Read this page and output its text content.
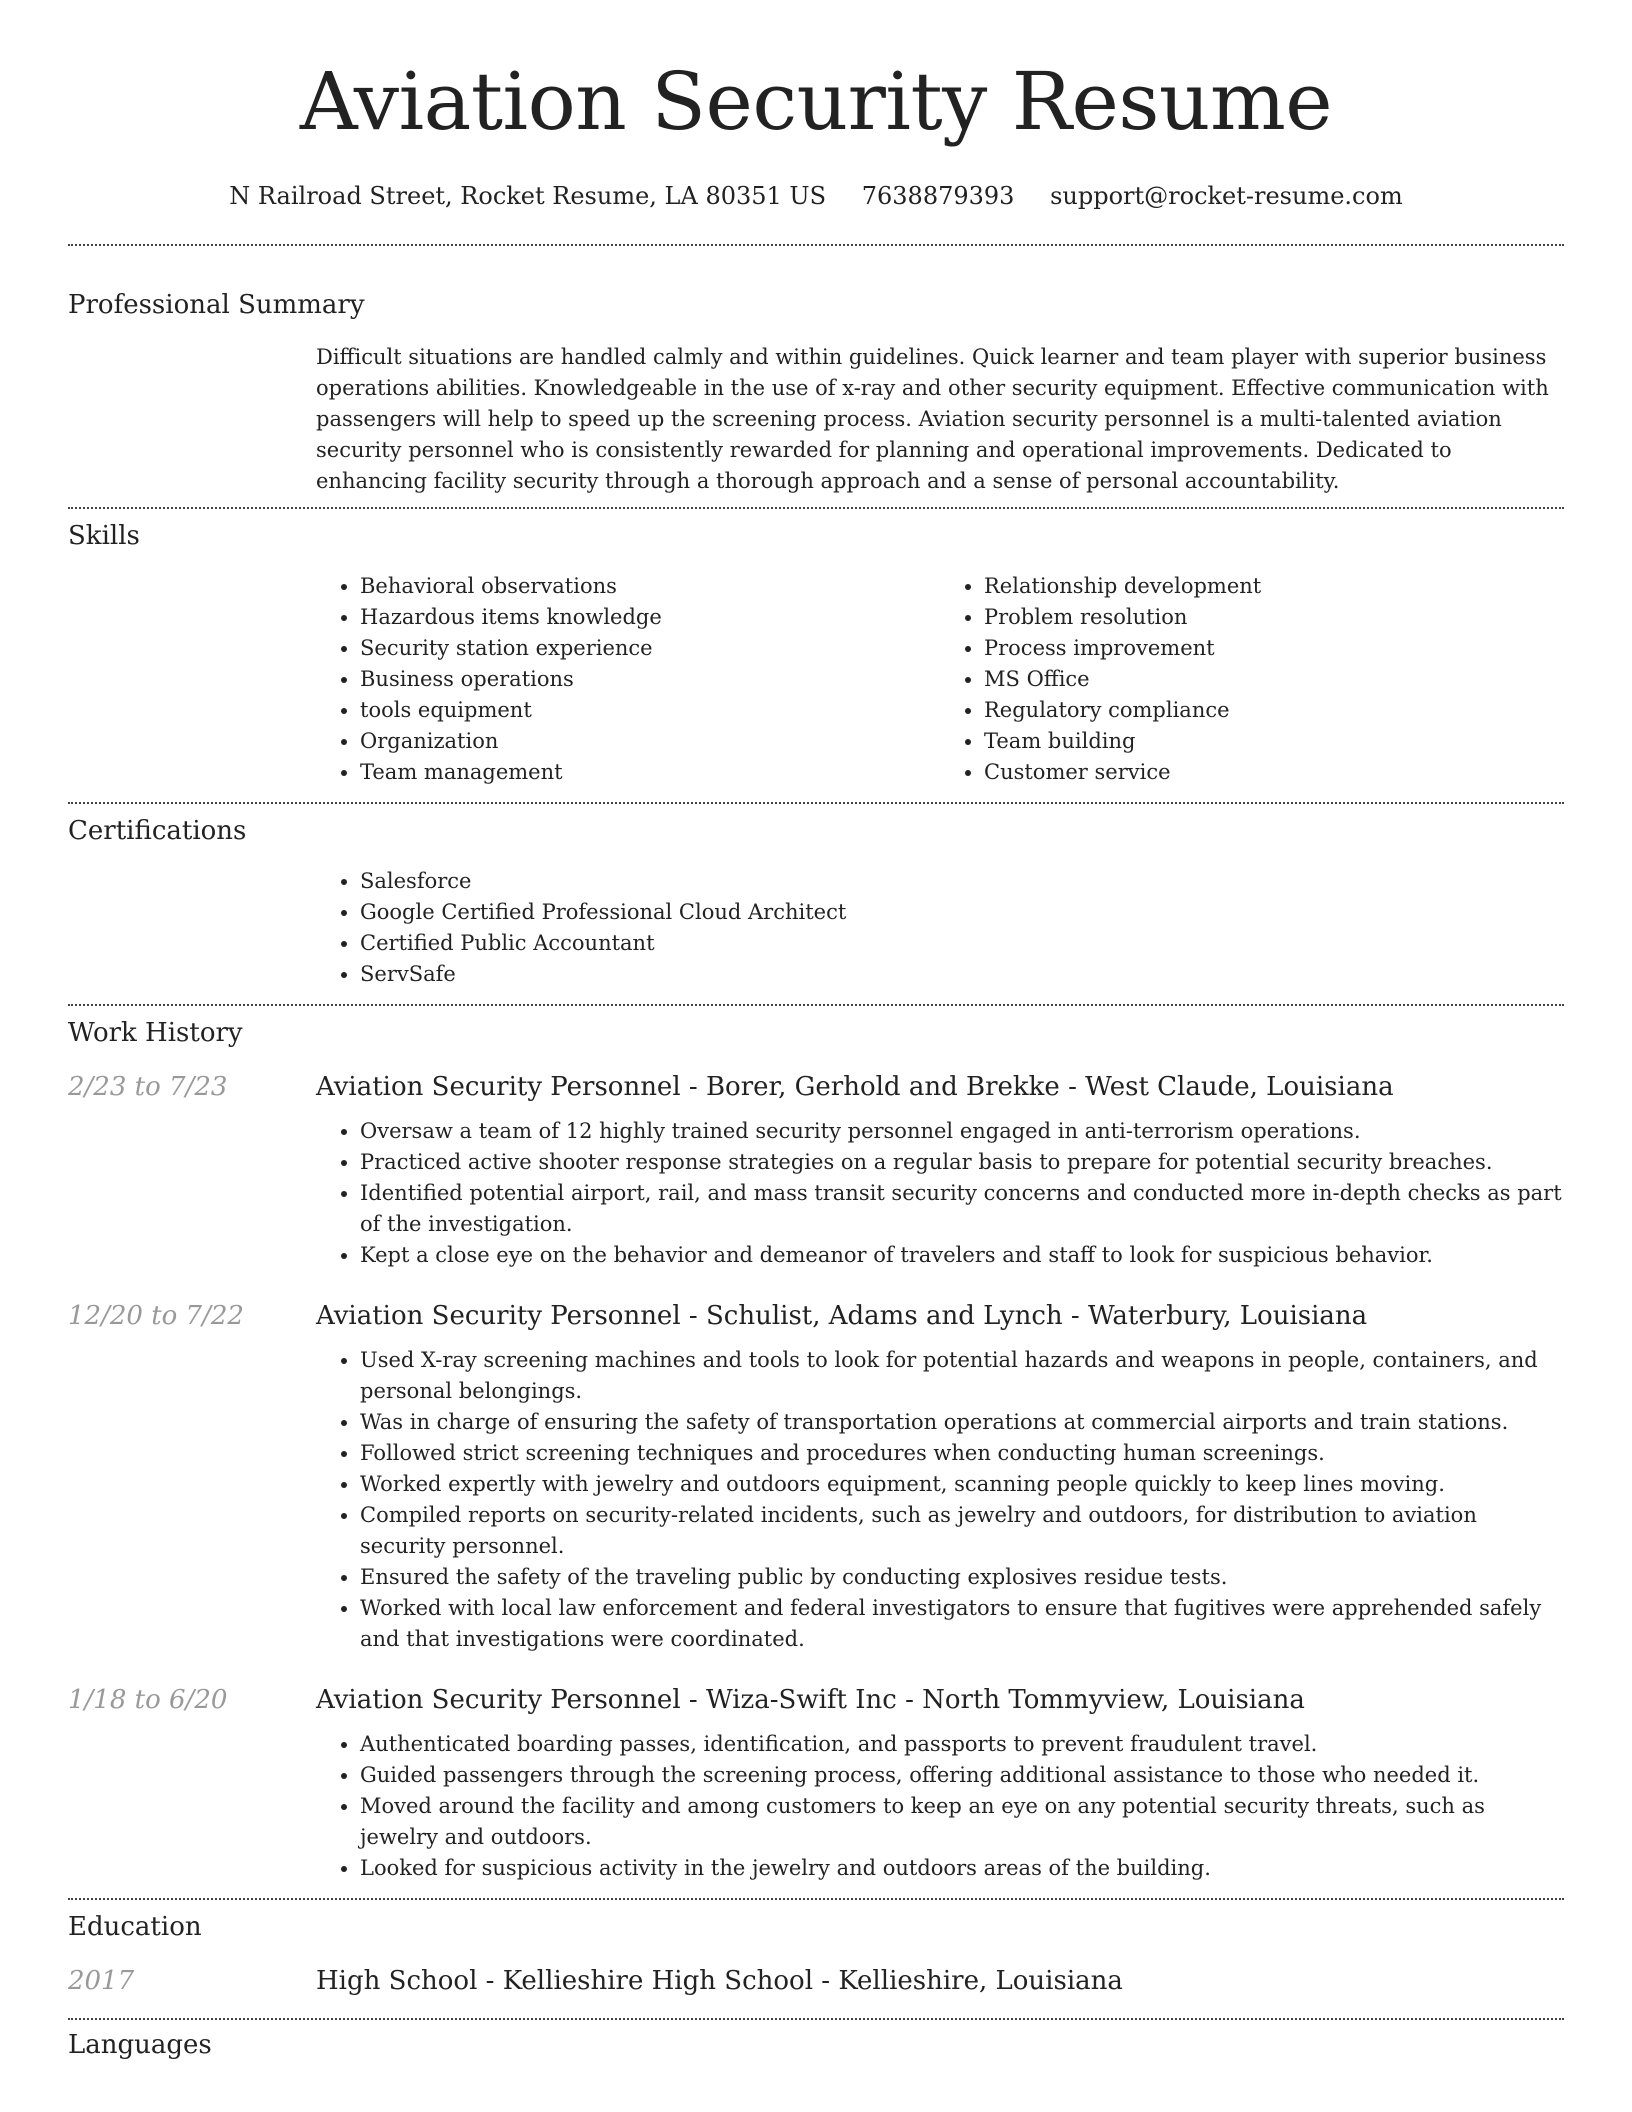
Aviation Security Resume
N Railroad Street, Rocket Resume, LA 80351 US 7638879393 support@rocket-resume.com
Professional Summary

Difficult situations are handled calmly and within guidelines. Quick learner and team player with superior business operations abilities. Knowledgeable in the use of x-ray and other security equipment. Effective communication with passengers will help to speed up the screening process. Aviation security personnel is a multi-talented aviation security personnel who is consistently rewarded for planning and operational improvements. Dedicated to enhancing facility security through a thorough approach and a sense of personal accountability.

Skills
• Behavioral observations
• Hazardous items knowledge
• Security station experience
• Business operations
• tools equipment
• Organization
• Team management
• Relationship development
• Problem resolution
• Process improvement
• MS Office
• Regulatory compliance
• Team building
• Customer service
Certifications
• Salesforce
• Google Certified Professional Cloud Architect
• Certified Public Accountant
• ServSafe
Work History
2/23 to 7/23	Aviation Security Personnel - Borer, Gerhold and Brekke - West Claude, Louisiana
• Oversaw a team of 12 highly trained security personnel engaged in anti-terrorism operations.
• Practiced active shooter response strategies on a regular basis to prepare for potential security breaches.
• Identified potential airport, rail, and mass transit security concerns and conducted more in-depth checks as part of the investigation.
• Kept a close eye on the behavior and demeanor of travelers and staff to look for suspicious behavior.
12/20 to 7/22	Aviation Security Personnel - Schulist, Adams and Lynch - Waterbury, Louisiana
• Used X-ray screening machines and tools to look for potential hazards and weapons in people, containers, and personal belongings.
• Was in charge of ensuring the safety of transportation operations at commercial airports and train stations.
• Followed strict screening techniques and procedures when conducting human screenings.
• Worked expertly with jewelry and outdoors equipment, scanning people quickly to keep lines moving.
• Compiled reports on security-related incidents, such as jewelry and outdoors, for distribution to aviation security personnel.
• Ensured the safety of the traveling public by conducting explosives residue tests.
• Worked with local law enforcement and federal investigators to ensure that fugitives were apprehended safely and that investigations were coordinated.
1/18 to 6/20	Aviation Security Personnel - Wiza-Swift Inc - North Tommyview, Louisiana
• Authenticated boarding passes, identification, and passports to prevent fraudulent travel.
• Guided passengers through the screening process, offering additional assistance to those who needed it.
• Moved around the facility and among customers to keep an eye on any potential security threats, such as jewelry and outdoors.
• Looked for suspicious activity in the jewelry and outdoors areas of the building.
Education
2017	High School - Kellieshire High School - Kellieshire, Louisiana
Languages
